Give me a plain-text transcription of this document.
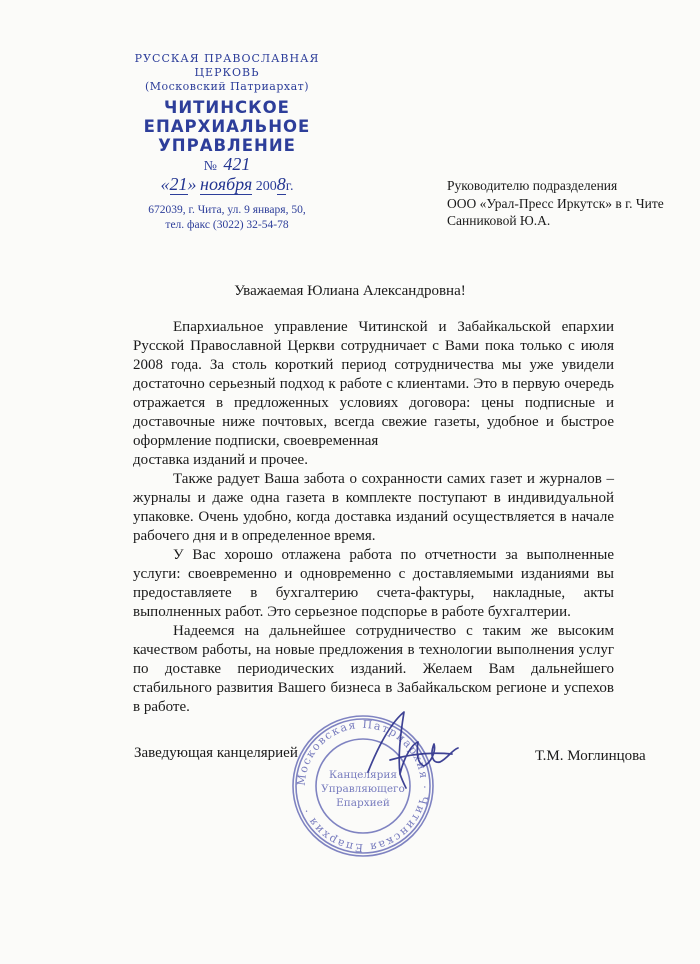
РУССКАЯ ПРАВОСЛАВНАЯ ЦЕРКОВЬ
(Московский Патриархат)
ЧИТИНСКОЕ
ЕПАРХИАЛЬНОЕ
УПРАВЛЕНИЕ
№ 421
«21» ноября 2008г.
672039, г. Чита, ул. 9 января, 50,
тел. факс (3022) 32-54-78
Руководителю подразделения
ООО «Урал-Пресс Иркутск» в г. Чите
Санниковой Ю.А.
Уважаемая Юлиана Александровна!

Епархиальное управление Читинской и Забайкальской епархии Русской Православной Церкви сотрудничает с Вами пока только с июля 2008 года. За столь короткий период сотрудничества мы уже увидели достаточно серьезный подход к работе с клиентами. Это в первую очередь отражается в предложенных условиях договора: цены подписные и доставочные ниже почтовых, всегда свежие газеты, удобное и быстрое оформление подписки, своевременная

доставка изданий и прочее.

Также радует Ваша забота о сохранности самих газет и журналов – журналы и даже одна газета в комплекте поступают в индивидуальной упаковке. Очень удобно, когда доставка изданий осуществляется в начале рабочего дня и в определенное время.

У Вас хорошо отлажена работа по отчетности за выполненные услуги: своевременно и одновременно с доставляемыми изданиями вы предоставляете в бухгалтерию счета-фактуры, накладные, акты выполненных работ. Это серьезное подспорье в работе бухгалтерии.

Надеемся на дальнейшее сотрудничество с таким же высоким качеством работы, на новые предложения в технологии выполнения услуг по доставке периодических изданий. Желаем Вам дальнейшего стабильного развития Вашего бизнеса в Забайкальском регионе и успехов в работе.

Заведующая канцелярией	Т.М. Моглинцова
Московская Патриархия · Читинская Епархия ·
Канцелярия
Управляющего
Епархией
